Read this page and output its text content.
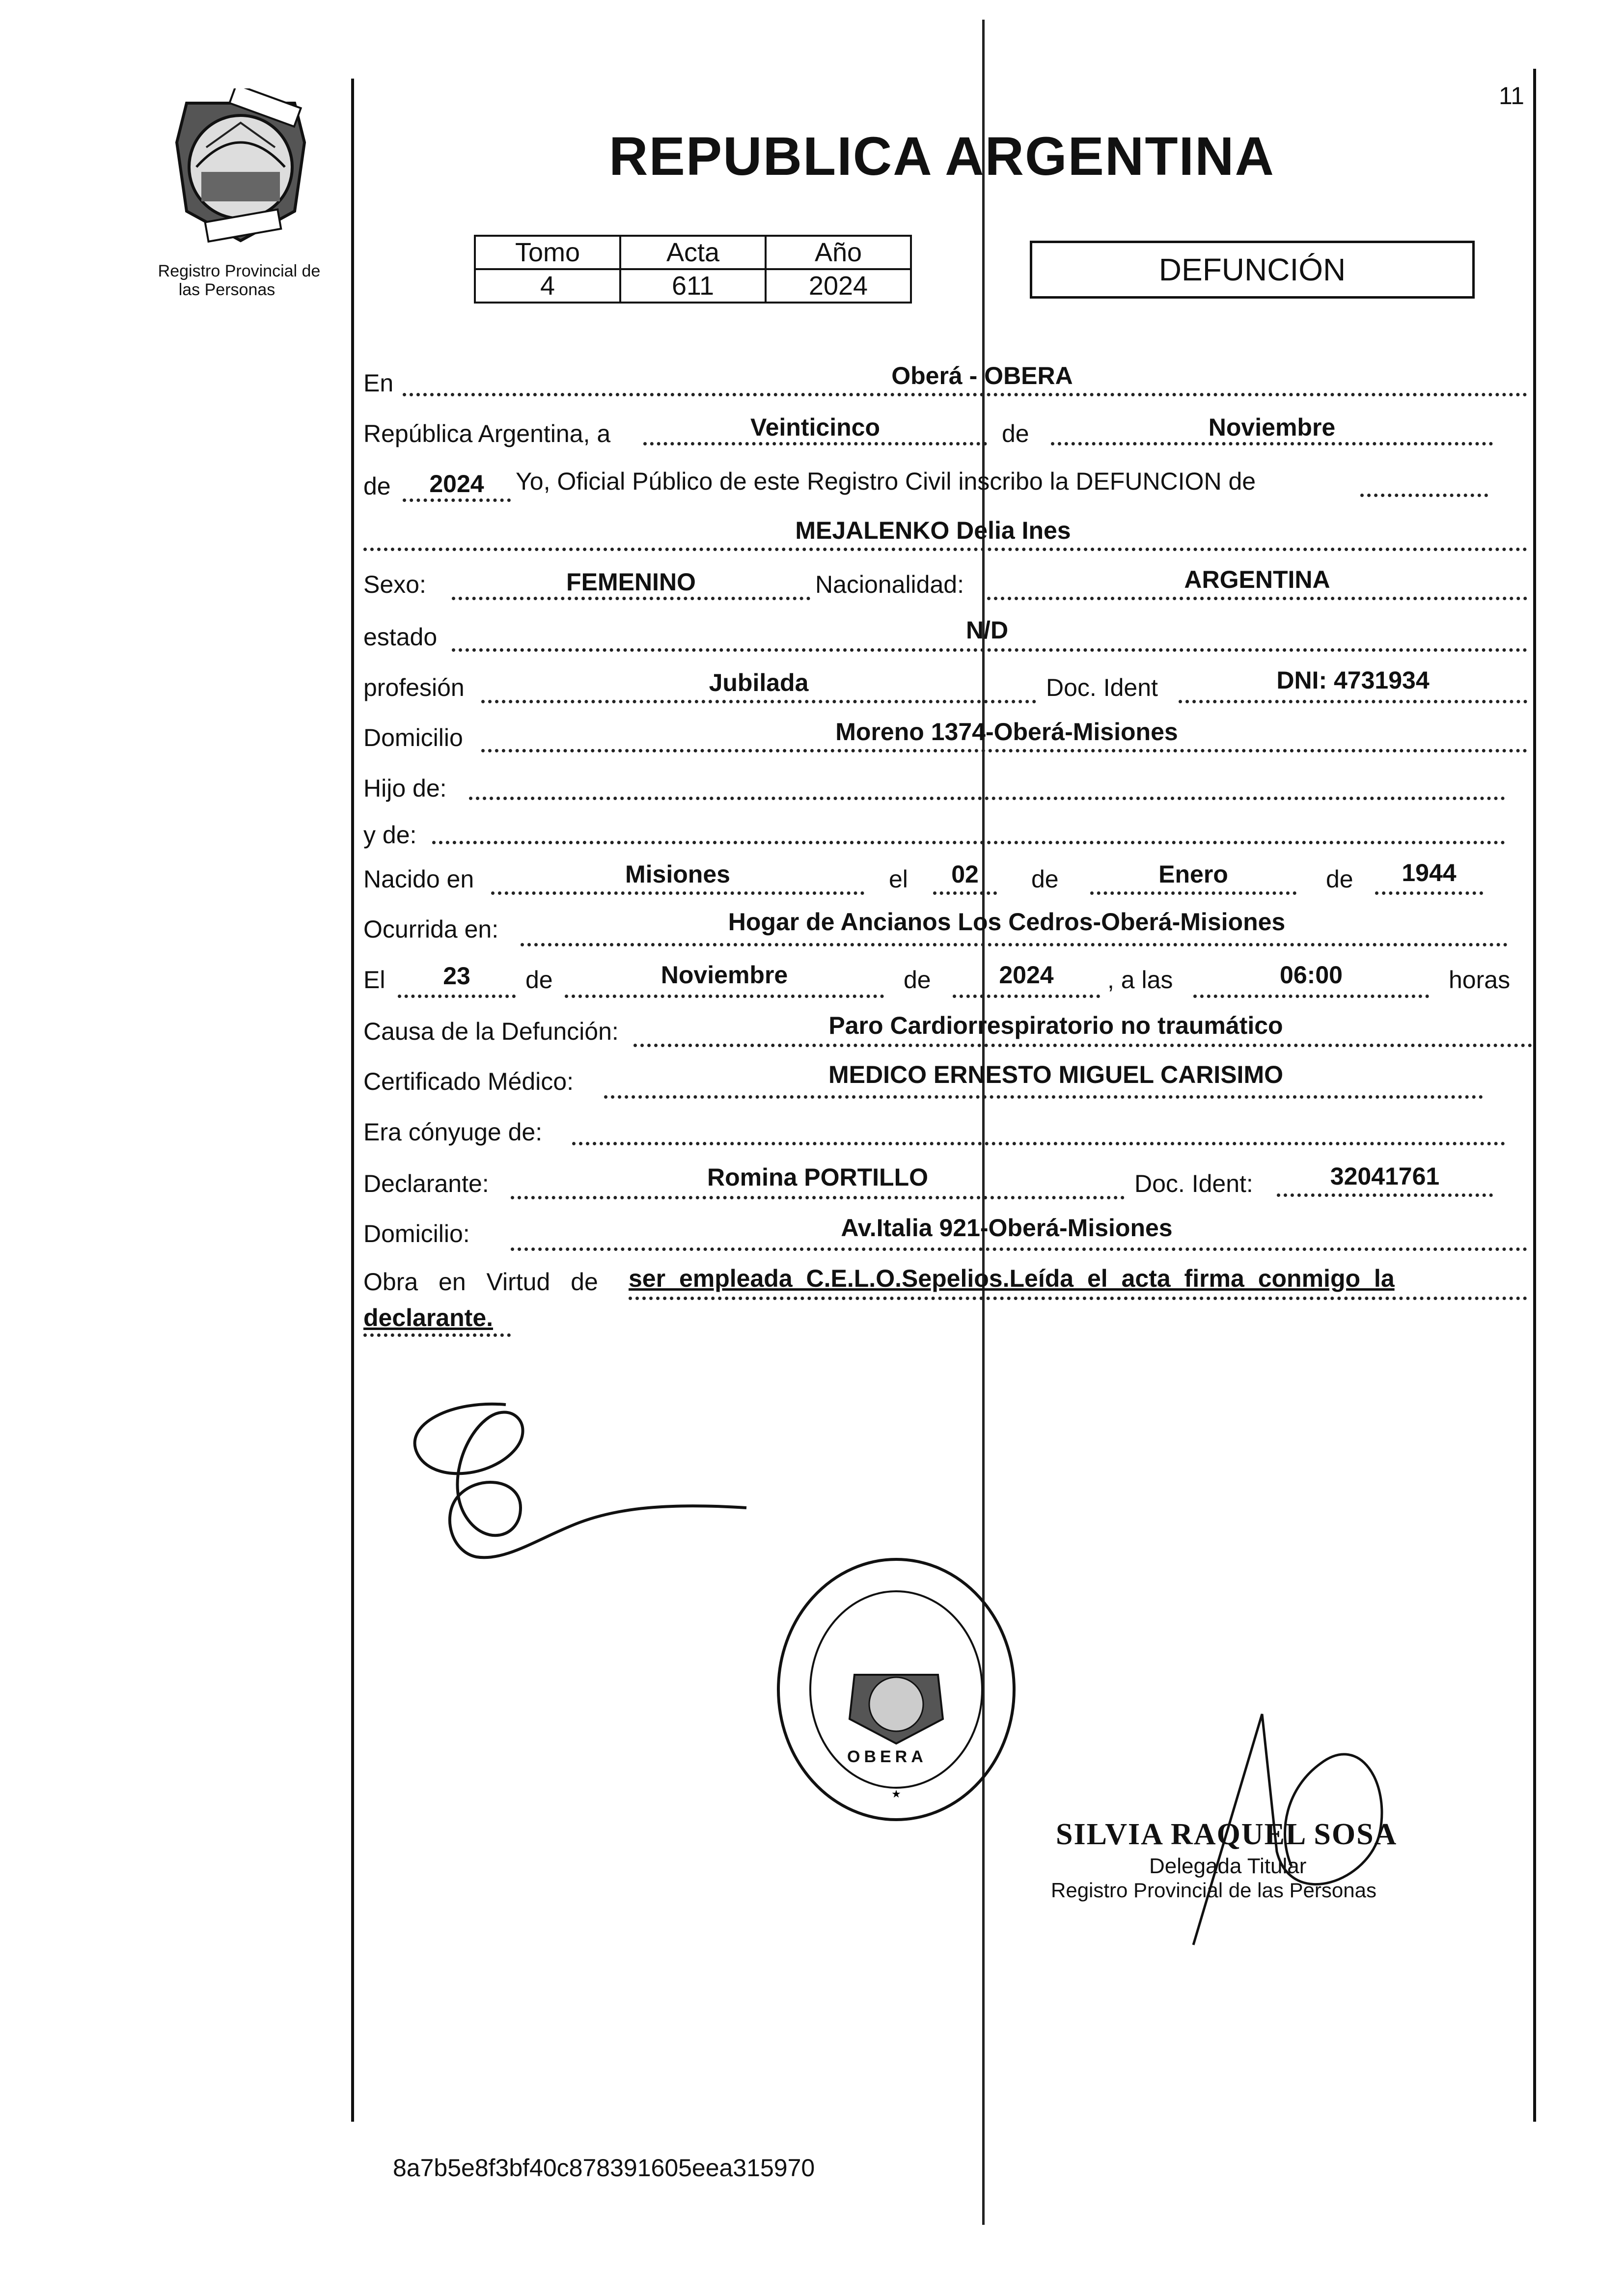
11
Registro Provincial de
las Personas
REPUBLICA ARGENTINA
Tomo	Acta	Año
4	611	2024	DEFUNCIÓN
En	Oberá - OBERA
República Argentina, a	Veinticinco	de	Noviembre
de	2024	Yo, Oficial Público de este Registro Civil inscribo la DEFUNCION de
MEJALENKO Delia Ines
Sexo:	FEMENINO	Nacionalidad:	ARGENTINA
estado	N/D
profesión	Jubilada	Doc. Ident	DNI: 4731934
Domicilio	Moreno 1374-Oberá-Misiones
Hijo de:
y de:
Nacido en	Misiones	el	02	de	Enero	de	1944
Ocurrida en:	Hogar de Ancianos Los Cedros-Oberá-Misiones
El	23	de	Noviembre	de	2024	, a las	06:00	horas
Causa de la Defunción:	Paro Cardiorrespiratorio no traumático
Certificado Médico:	MEDICO ERNESTO MIGUEL CARISIMO
Era cónyuge de:
Declarante:	Romina PORTILLO	Doc. Ident:	32041761
Domicilio:	Av.Italia 921-Oberá-Misiones
Obra en Virtud de ser empleada C.E.L.O.Sepelios.Leída el acta firma conmigo la
declarante.
★
OBERA
SILVIA RAQUEL SOSA
Delegada Titular
Registro Provincial de las Personas
8a7b5e8f3bf40c878391605eea315970
